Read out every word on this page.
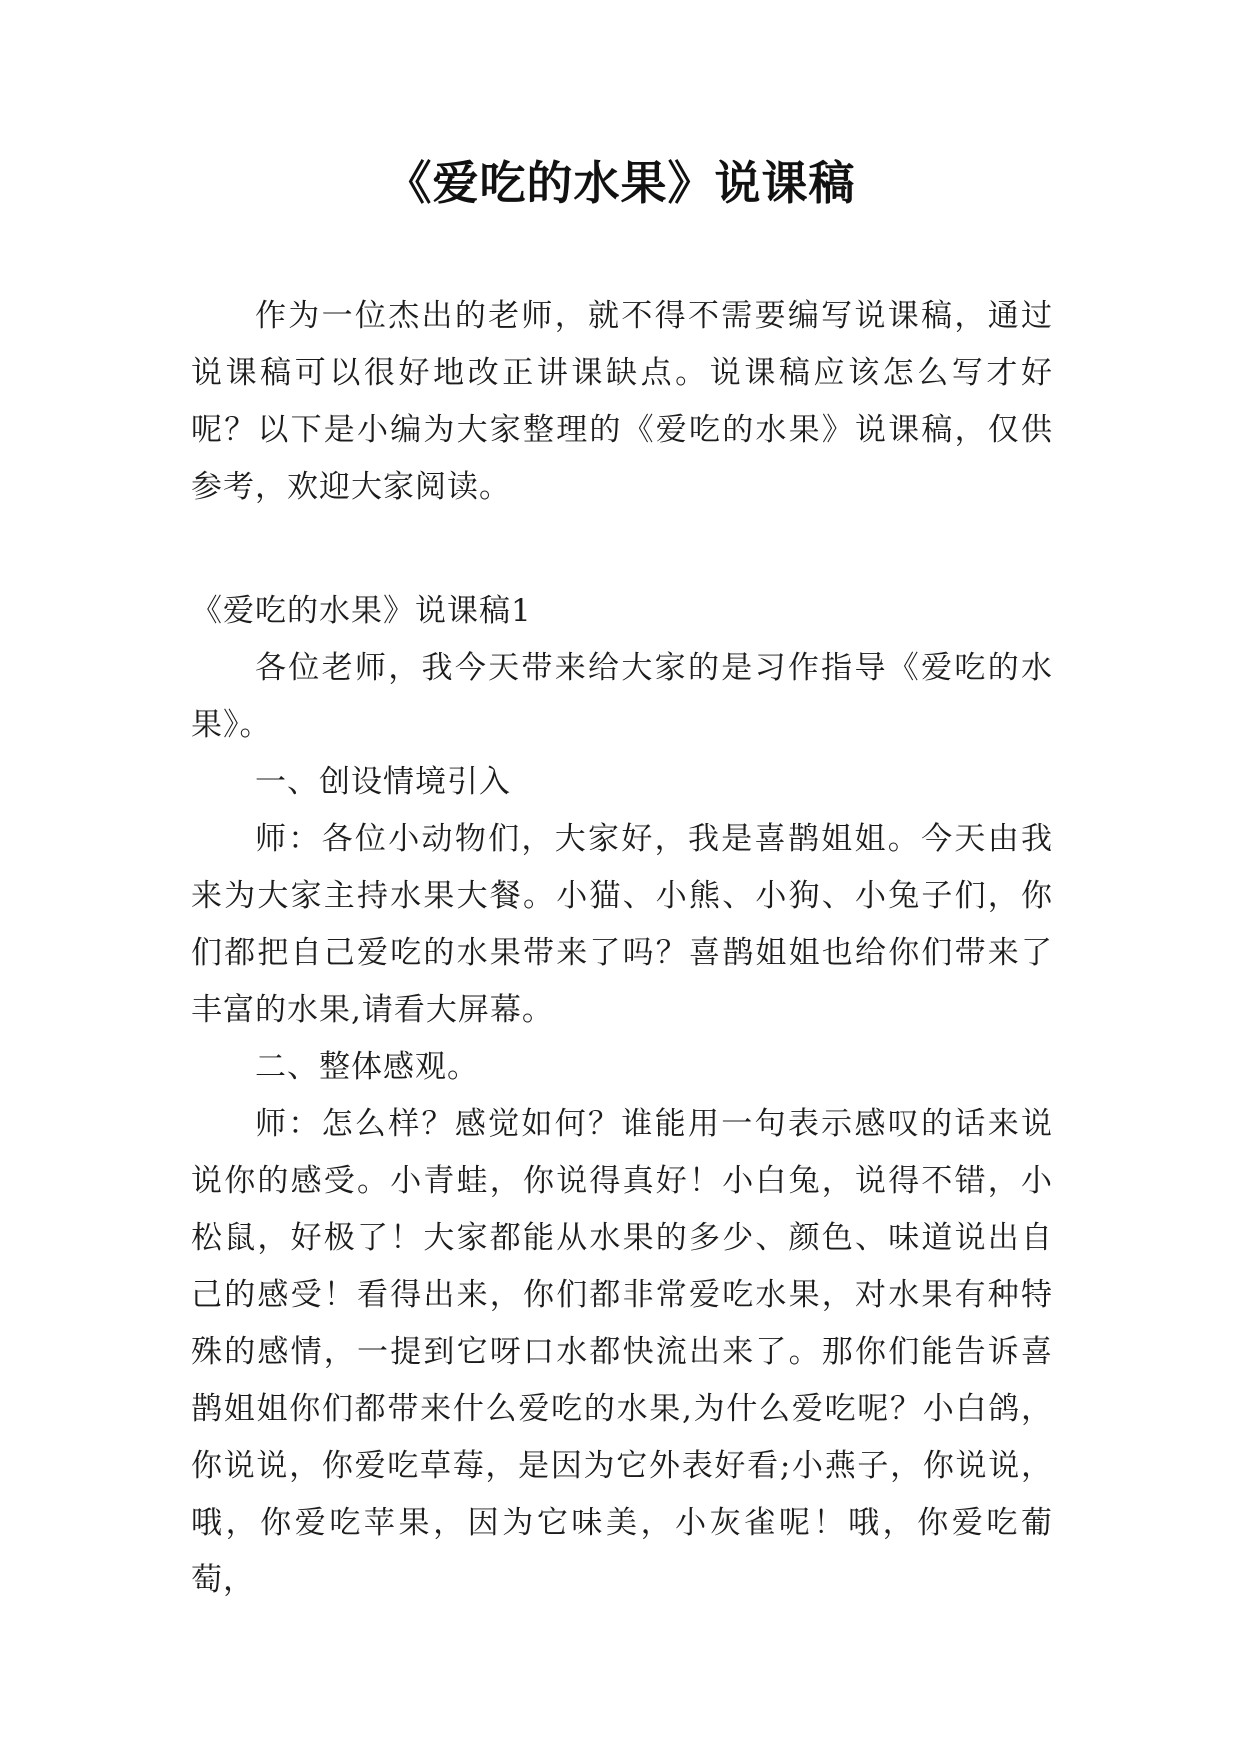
《爱吃的水果》说课稿

作为一位杰出的老师，就不得不需要编写说课稿，通过说课稿可以很好地改正讲课缺点。说课稿应该怎么写才好呢？以下是小编为大家整理的《爱吃的水果》说课稿，仅供参考，欢迎大家阅读。

《爱吃的水果》说课稿1

各位老师，我今天带来给大家的是习作指导《爱吃的水果》。

一、创设情境引入

师：各位小动物们，大家好，我是喜鹊姐姐。今天由我来为大家主持水果大餐。小猫、小熊、小狗、小兔子们，你们都把自己爱吃的水果带来了吗？喜鹊姐姐也给你们带来了丰富的水果,请看大屏幕。

二、整体感观。

师：怎么样？感觉如何？谁能用一句表示感叹的话来说说你的感受。小青蛙，你说得真好！小白兔，说得不错，小松鼠，好极了！大家都能从水果的多少、颜色、味道说出自己的感受！看得出来，你们都非常爱吃水果，对水果有种特殊的感情，一提到它呀口水都快流出来了。那你们能告诉喜鹊姐姐你们都带来什么爱吃的水果,为什么爱吃呢？小白鸽，你说说，你爱吃草莓，是因为它外表好看;小燕子，你说说，哦，你爱吃苹果，因为它味美，小灰雀呢！哦，你爱吃葡萄，
